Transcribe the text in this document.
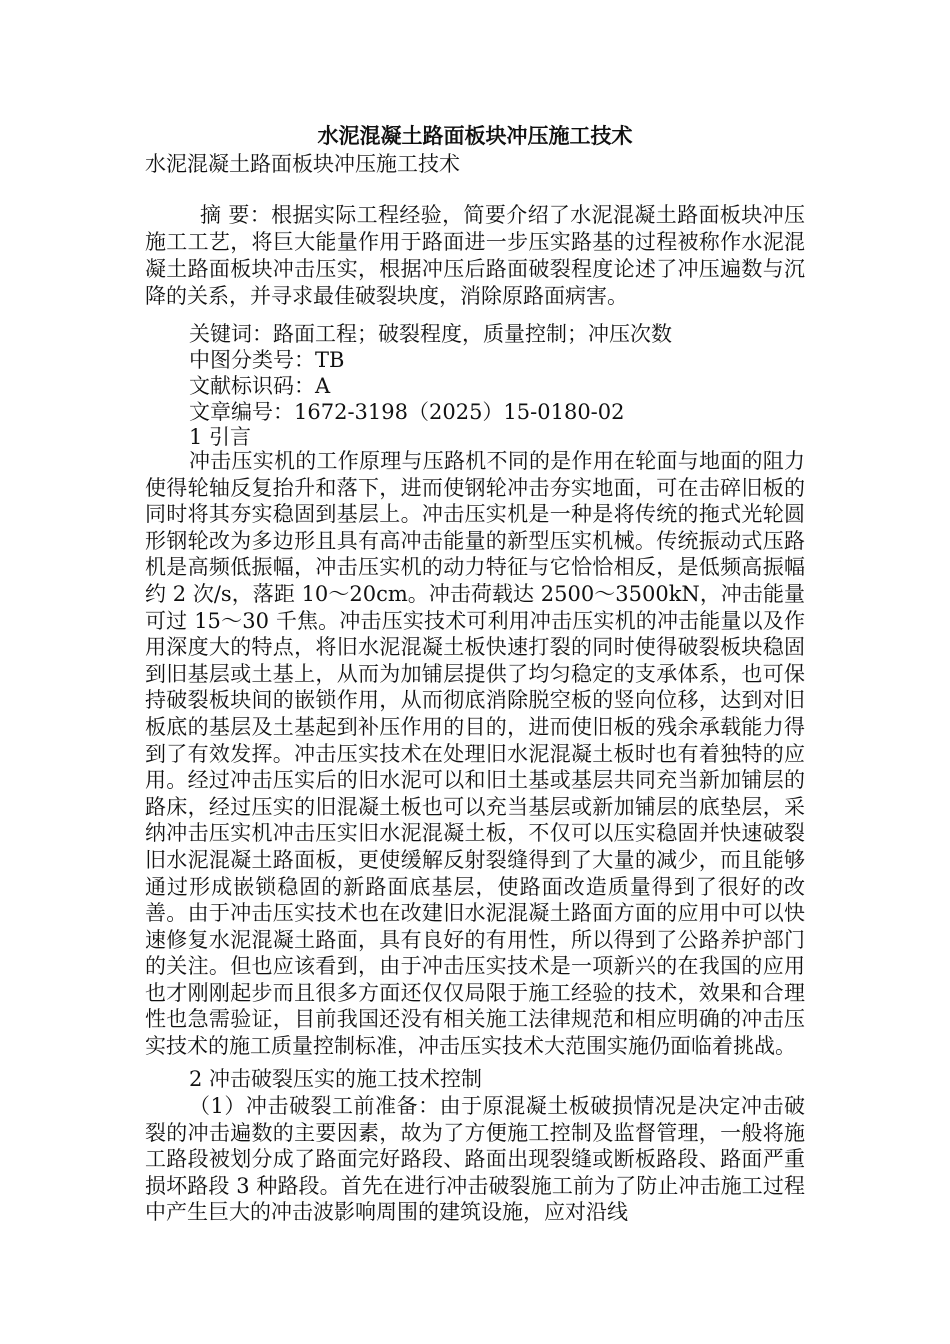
水泥混凝土路面板块冲压施工技术
水泥混凝土路面板块冲压施工技术

摘 要：根据实际工程经验，简要介绍了水泥混凝土路面板块冲压施工工艺，将巨大能量作用于路面进一步压实路基的过程被称作水泥混凝土路面板块冲击压实，根据冲压后路面破裂程度论述了冲压遍数与沉降的关系，并寻求最佳破裂块度，消除原路面病害。

关键词：路面工程；破裂程度，质量控制；冲压次数
中图分类号：TB
文献标识码：A
文章编号：1672-3198（2025）15-0180-02
1 引言

冲击压实机的工作原理与压路机不同的是作用在轮面与地面的阻力使得轮轴反复抬升和落下，进而使钢轮冲击夯实地面，可在击碎旧板的同时将其夯实稳固到基层上。冲击压实机是一种是将传统的拖式光轮圆形钢轮改为多边形且具有高冲击能量的新型压实机械。传统振动式压路机是高频低振幅，冲击压实机的动力特征与它恰恰相反，是低频高振幅约 2 次/s，落距 10～20cm。冲击荷载达 2500～3500kN，冲击能量可过 15～30 千焦。冲击压实技术可利用冲击压实机的冲击能量以及作用深度大的特点，将旧水泥混凝土板快速打裂的同时使得破裂板块稳固到旧基层或土基上，从而为加铺层提供了均匀稳定的支承体系，也可保持破裂板块间的嵌锁作用，从而彻底消除脱空板的竖向位移，达到对旧板底的基层及土基起到补压作用的目的，进而使旧板的残余承载能力得到了有效发挥。冲击压实技术在处理旧水泥混凝土板时也有着独特的应用。经过冲击压实后的旧水泥可以和旧土基或基层共同充当新加铺层的路床，经过压实的旧混凝土板也可以充当基层或新加铺层的底垫层，采纳冲击压实机冲击压实旧水泥混凝土板，不仅可以压实稳固并快速破裂旧水泥混凝土路面板，更使缓解反射裂缝得到了大量的减少，而且能够通过形成嵌锁稳固的新路面底基层，使路面改造质量得到了很好的改善。由于冲击压实技术也在改建旧水泥混凝土路面方面的应用中可以快速修复水泥混凝土路面，具有良好的有用性，所以得到了公路养护部门的关注。但也应该看到，由于冲击压实技术是一项新兴的在我国的应用也才刚刚起步而且很多方面还仅仅局限于施工经验的技术，效果和合理性也急需验证，目前我国还没有相关施工法律规范和相应明确的冲击压实技术的施工质量控制标准，冲击压实技术大范围实施仍面临着挑战。

2 冲击破裂压实的施工技术控制

（1）冲击破裂工前准备：由于原混凝土板破损情况是决定冲击破裂的冲击遍数的主要因素，故为了方便施工控制及监督管理，一般将施工路段被划分成了路面完好路段、路面出现裂缝或断板路段、路面严重损坏路段 3 种路段。首先在进行冲击破裂施工前为了防止冲击施工过程中产生巨大的冲击波影响周围的建筑设施，应对沿线
